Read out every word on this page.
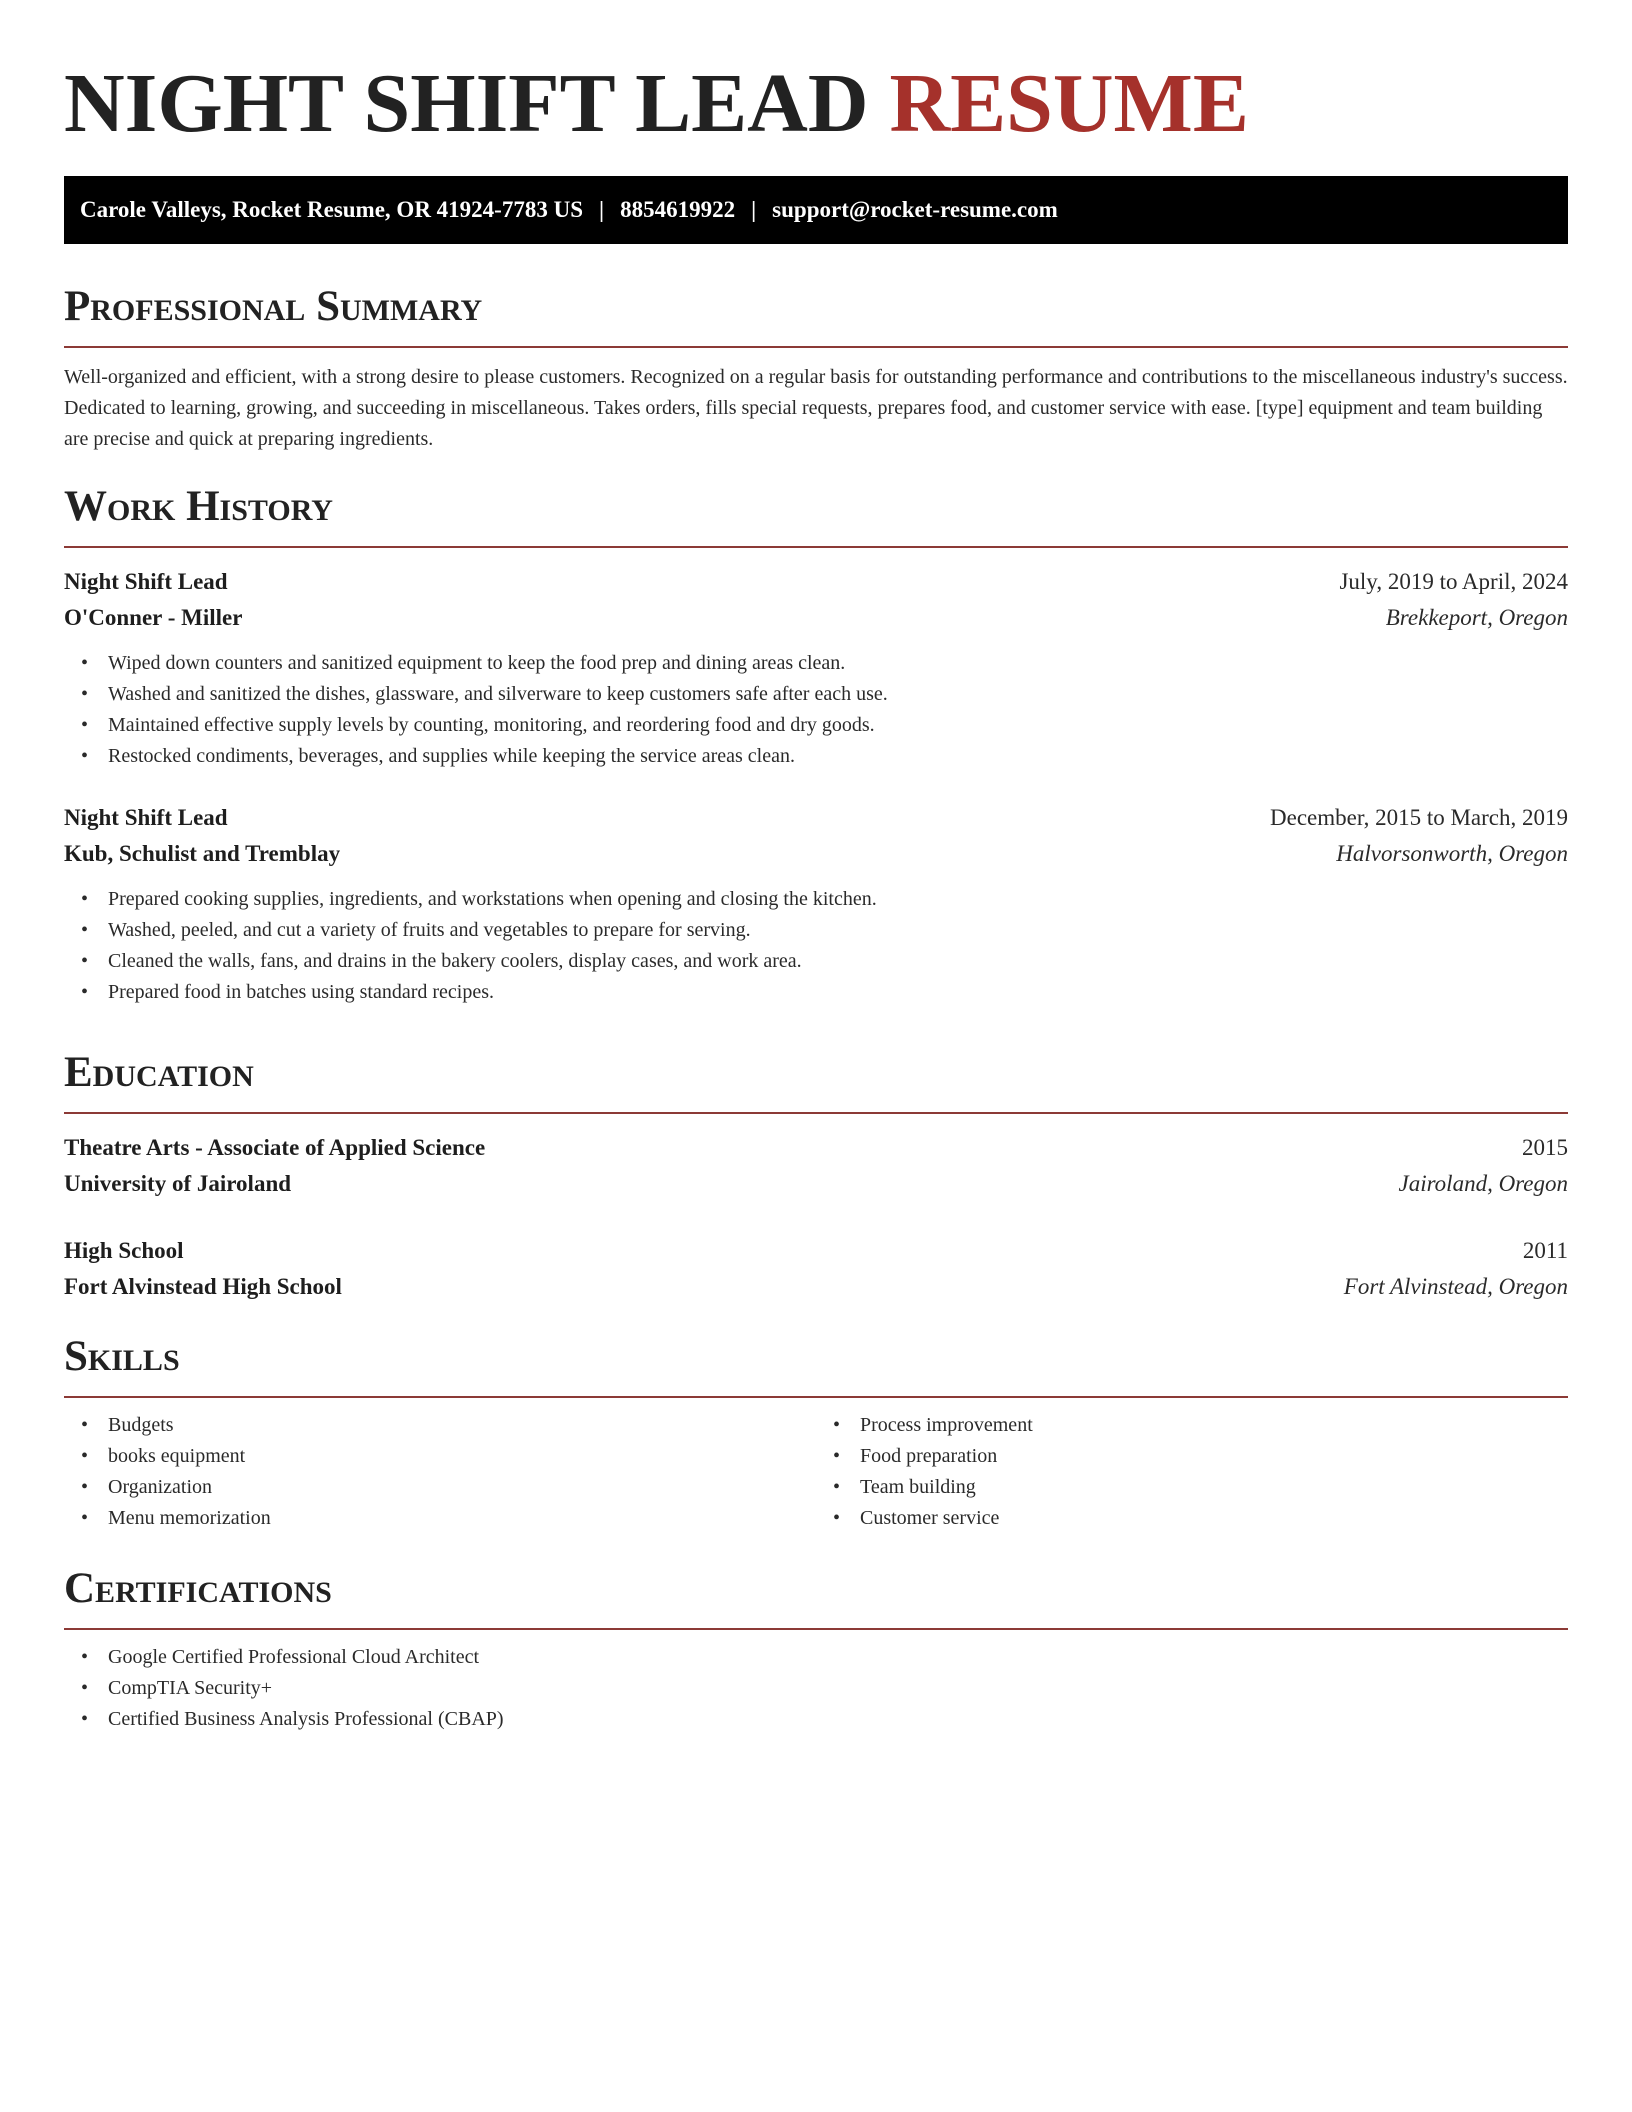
NIGHT SHIFT LEAD RESUME
Carole Valleys, Rocket Resume, OR 41924-7783 US | 8854619922 | support@rocket-resume.com
Professional Summary

Well-organized and efficient, with a strong desire to please customers. Recognized on a regular basis for outstanding performance and contributions to the miscellaneous industry's success. Dedicated to learning, growing, and succeeding in miscellaneous. Takes orders, fills special requests, prepares food, and customer service with ease. [type] equipment and team building are precise and quick at preparing ingredients.

Work History
Night Shift Lead	July, 2019 to April, 2024
O'Conner - Miller	Brekkeport, Oregon
• Wiped down counters and sanitized equipment to keep the food prep and dining areas clean.
• Washed and sanitized the dishes, glassware, and silverware to keep customers safe after each use.
• Maintained effective supply levels by counting, monitoring, and reordering food and dry goods.
• Restocked condiments, beverages, and supplies while keeping the service areas clean.
Night Shift Lead	December, 2015 to March, 2019
Kub, Schulist and Tremblay	Halvorsonworth, Oregon
• Prepared cooking supplies, ingredients, and workstations when opening and closing the kitchen.
• Washed, peeled, and cut a variety of fruits and vegetables to prepare for serving.
• Cleaned the walls, fans, and drains in the bakery coolers, display cases, and work area.
• Prepared food in batches using standard recipes.
Education
Theatre Arts - Associate of Applied Science	2015
University of Jairoland	Jairoland, Oregon
High School	2011
Fort Alvinstead High School	Fort Alvinstead, Oregon
Skills
• Budgets
• books equipment
• Organization
• Menu memorization
• Process improvement
• Food preparation
• Team building
• Customer service
Certifications
• Google Certified Professional Cloud Architect
• CompTIA Security+
• Certified Business Analysis Professional (CBAP)
